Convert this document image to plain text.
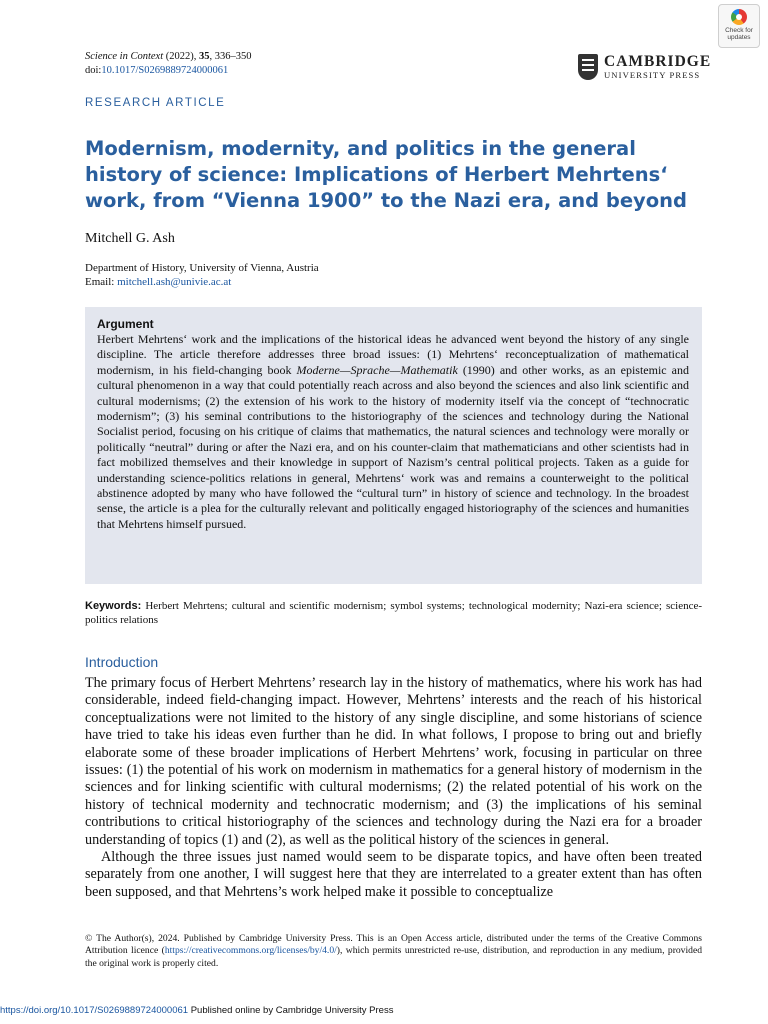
Check for
updates
Science in Context (2022), 35, 336–350
doi:10.1017/S0269889724000061
CAMBRIDGE
UNIVERSITY PRESS
RESEARCH ARTICLE
Modernism, modernity, and politics in the general history of science: Implications of Herbert Mehrtens‘ work, from “Vienna 1900” to the Nazi era, and beyond
Mitchell G. Ash
Department of History, University of Vienna, Austria
Email: mitchell.ash@univie.ac.at
Argument
Herbert Mehrtens‘ work and the implications of the historical ideas he advanced went beyond the history of any single discipline. The article therefore addresses three broad issues: (1) Mehrtens‘ reconceptualization of mathematical modernism, in his field-changing book Moderne—Sprache—Mathematik (1990) and other works, as an epistemic and cultural phenomenon in a way that could potentially reach across and also beyond the sciences and also link scientific and cultural modernisms; (2) the extension of his work to the history of modernity itself via the concept of “technocratic modernism”; (3) his seminal contributions to the historiography of the sciences and technology during the National Socialist period, focusing on his critique of claims that mathematics, the natural sciences and technology were morally or politically “neutral” during or after the Nazi era, and on his counter-claim that mathematicians and other scientists had in fact mobilized themselves and their knowledge in support of Nazism’s central political projects. Taken as a guide for understanding science-politics relations in general, Mehrtens‘ work was and remains a counterweight to the political abstinence adopted by many who have followed the “cultural turn” in history of science and technology. In the broadest sense, the article is a plea for the culturally relevant and politically engaged historiography of the sciences and humanities that Mehrtens himself pursued.
Keywords: Herbert Mehrtens; cultural and scientific modernism; symbol systems; technological modernity; Nazi-era science; science-politics relations
Introduction

The primary focus of Herbert Mehrtens’ research lay in the history of mathematics, where his work has had considerable, indeed field-changing impact. However, Mehrtens’ interests and the reach of his historical conceptualizations were not limited to the history of any single discipline, and some historians of science have tried to take his ideas even further than he did. In what follows, I propose to bring out and briefly elaborate some of these broader implications of Herbert Mehrtens’ work, focusing in particular on three issues: (1) the potential of his work on modernism in mathematics for a general history of modernism in the sciences and for linking scientific with cultural modernisms; (2) the related potential of his work on the history of technical modernity and technocratic modernism; and (3) the implications of his seminal contributions to critical historiography of the sciences and technology during the Nazi era for a broader understanding of topics (1) and (2), as well as the political history of the sciences in general.

Although the three issues just named would seem to be disparate topics, and have often been treated separately from one another, I will suggest here that they are interrelated to a greater extent than has often been supposed, and that Mehrtens’s work helped make it possible to conceptualize

© The Author(s), 2024. Published by Cambridge University Press. This is an Open Access article, distributed under the terms of the Creative Commons Attribution licence (https://creativecommons.org/licenses/by/4.0/), which permits unrestricted re-use, distribution, and reproduction in any medium, provided the original work is properly cited.
https://doi.org/10.1017/S0269889724000061 Published online by Cambridge University Press
